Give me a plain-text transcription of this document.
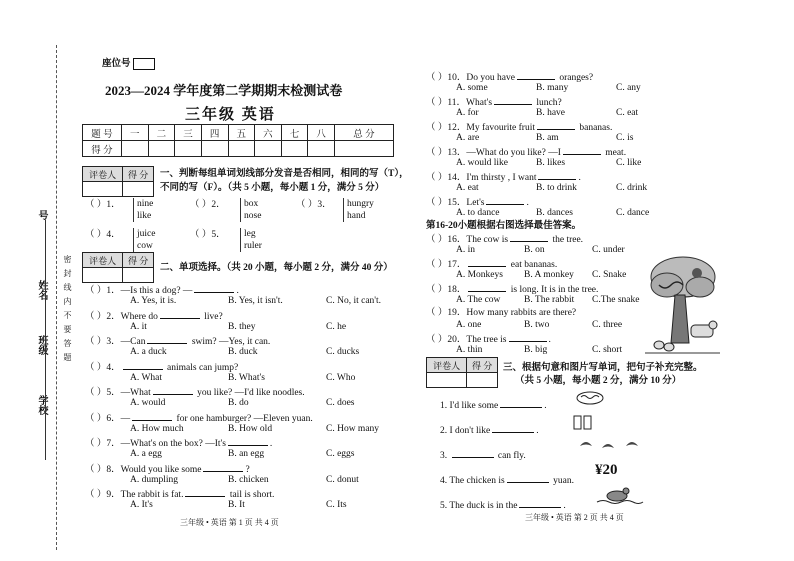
号
姓名
班级
学校
密 封 线 内 不 要 答 题
座位号
2023—2024 学年度第二学期期末检测试卷
三年级 英语
题 号	一	二	三	四	五	六	七	八	总 分
得 分									
评卷人	得 分
	一、判断每组单词划线部分发音是否相同，相同的写（T），
不同的写（F）。（共 5 小题，每小题 1 分，满分 5 分）
（ ）1．	nine
like
（ ）2．	box
nose
（ ）3．	hungry
hand
（ ）4．	juice
cow
（ ）5．	leg
ruler
评卷人	得 分

二、单项选择。（共 20 小题，每小题 2 分，满分 40 分）
（ ）1．—Is this a dog? —	.
A. Yes, it is.	B. Yes, it isn't.	C. No, it can't.
（ ）2．Where do	live?
A. it	B. they	C. he
（ ）3．—Can	swim? —Yes, it can.
A. a duck	B. duck	C. ducks
（ ）4．	animals can jump?
A. What	B. What's	C. Who
（ ）5．—What	you like? —I'd like noodles.
A. would	B. do	C. does
（ ）6．—	for one hamburger? —Eleven yuan.
A. How much	B. How old	C. How many
（ ）7．—What's on the box? —It's	.
A. a egg	B. an egg	C. eggs
（ ）8．Would you like some	?
A. dumpling	B. chicken	C. donut
（ ）9．The rabbit is fat.	tail is short.
A. It's	B. It	C. Its
三年级 • 英语 第 1 页 共 4 页
（ ）10．Do you have	oranges?
A. some	B. many	C. any
（ ）11．What's	lunch?
A. for	B. have	C. eat
（ ）12．My favourite fruit	bananas.
A. are	B. am	C. is
（ ）13．—What do you like? —I	meat.
A. would like	B. likes	C. like
（ ）14．I'm thirsty , I want	.
A. eat	B. to drink	C. drink
（ ）15．Let's	.
A. to dance	B. dances	C. dance
第16-20小题根据右图选择最佳答案。
（ ）16．The cow is	the tree.
A. in	B. on	C. under
（ ）17．	eat bananas.
A. Monkeys B. A monkey C. Snake
（ ）18．	is long. It is in the tree.
A. The cow B. The rabbit C.The snake
（ ）19．How many rabbits are there?
A. one	B. two	C. three
（ ）20．The tree is	.
A. thin	B. big	C. short
评卷人	得 分
	三、根据句意和图片写单词，把句子补充完整。
（共 5 小题，每小题 2 分，满分 10 分）
1. I'd like some	.
2. I don't like	.
3.	can fly.
4. The chicken is	yuan.
5. The duck is in the	.
¥20
三年级 • 英语 第 2 页 共 4 页
